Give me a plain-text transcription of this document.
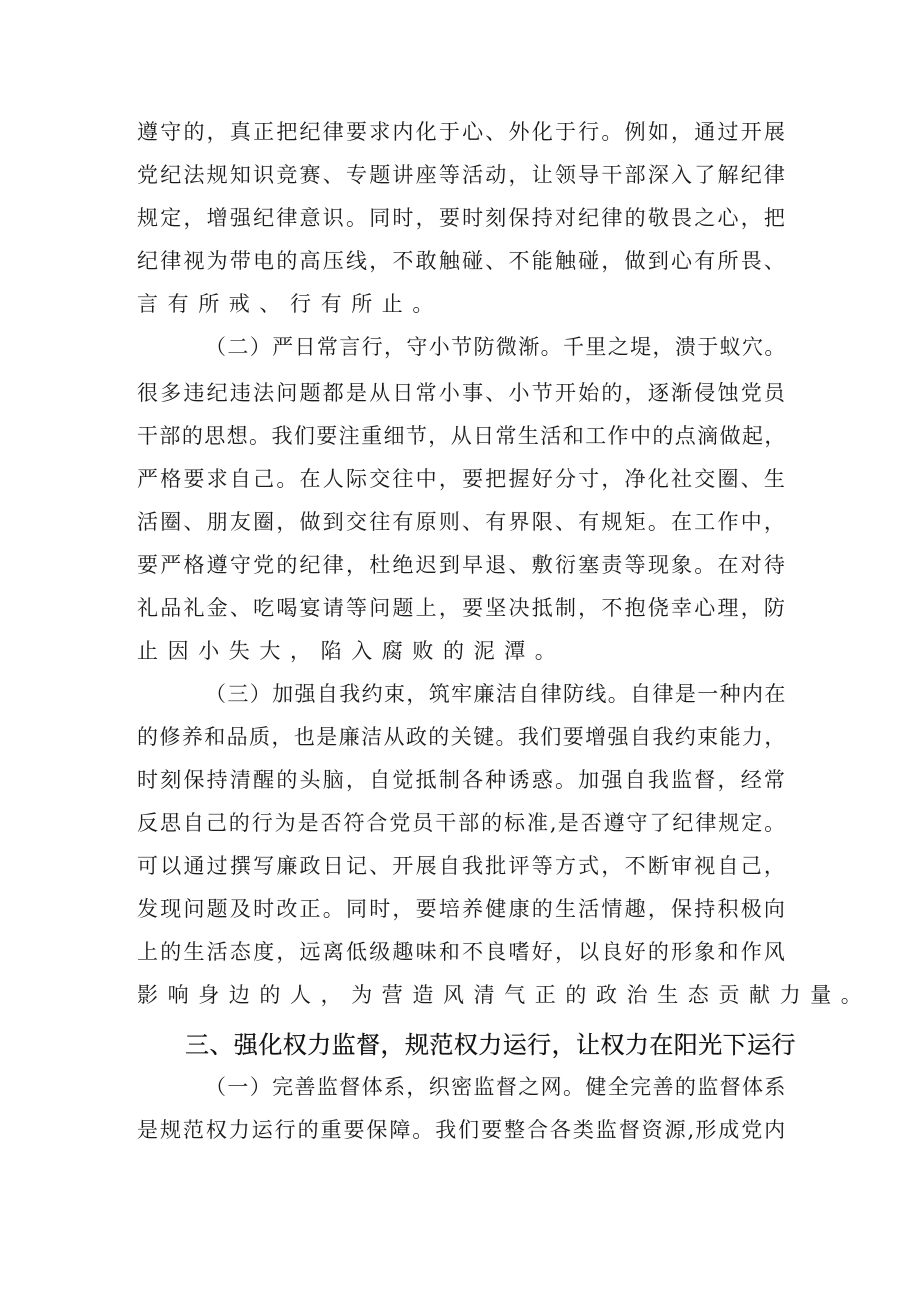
遵 守 的 ， 真 正 把 纪 律 要 求 内 化 于 心 、 外 化 于 行 。 例 如 ， 通 过 开 展
党 纪 法 规 知 识 竞 赛 、 专 题 讲 座 等 活 动 ， 让 领 导 干 部 深 入 了 解 纪 律
规 定 ， 增 强 纪 律 意 识 。 同 时 ， 要 时 刻 保 持 对 纪 律 的 敬 畏 之 心 ， 把
纪 律 视 为 带 电 的 高 压 线 ， 不 敢 触 碰 、 不 能 触 碰 ， 做 到 心 有 所 畏 、
言有所戒、行有所止。
（ 二 ） 严 日 常 言 行 ， 守 小 节 防 微 渐 。 千 里 之 堤 ， 溃 于 蚁 穴 。
很 多 违 纪 违 法 问 题 都 是 从 日 常 小 事 、 小 节 开 始 的 ， 逐 渐 侵 蚀 党 员
干 部 的 思 想 。 我 们 要 注 重 细 节 ， 从 日 常 生 活 和 工 作 中 的 点 滴 做 起 ，
严 格 要 求 自 己 。 在 人 际 交 往 中 ， 要 把 握 好 分 寸 ， 净 化 社 交 圈 、 生
活 圈 、 朋 友 圈 ， 做 到 交 往 有 原 则 、 有 界 限 、 有 规 矩 。 在 工 作 中 ，
要 严 格 遵 守 党 的 纪 律 ， 杜 绝 迟 到 早 退 、 敷 衍 塞 责 等 现 象 。 在 对 待
礼 品 礼 金 、 吃 喝 宴 请 等 问 题 上 ， 要 坚 决 抵 制 ， 不 抱 侥 幸 心 理 ， 防
止因小失大，陷入腐败的泥潭。
（ 三 ） 加 强 自 我 约 束 ， 筑 牢 廉 洁 自 律 防 线 。 自 律 是 一 种 内 在
的 修 养 和 品 质 ， 也 是 廉 洁 从 政 的 关 键 。 我 们 要 增 强 自 我 约 束 能 力 ，
时 刻 保 持 清 醒 的 头 脑 ， 自 觉 抵 制 各 种 诱 惑 。 加 强 自 我 监 督 ， 经 常
反 思 自 己 的 行 为 是 否 符 合 党 员 干 部 的 标 准 , 是 否 遵 守 了 纪 律 规 定 。
可 以 通 过 撰 写 廉 政 日 记 、 开 展 自 我 批 评 等 方 式 ， 不 断 审 视 自 己 ，
发 现 问 题 及 时 改 正 。 同 时 ， 要 培 养 健 康 的 生 活 情 趣 ， 保 持 积 极 向
上 的 生 活 态 度 ， 远 离 低 级 趣 味 和 不 良 嗜 好 ， 以 良 好 的 形 象 和 作 风
影响身边的人，为营造风清气正的政治生态贡献力量。
三 、 强 化 权 力 监 督 ， 规 范 权 力 运 行 ， 让 权 力 在 阳 光 下 运 行
（ 一 ） 完 善 监 督 体 系 ， 织 密 监 督 之 网 。 健 全 完 善 的 监 督 体 系
是 规 范 权 力 运 行 的 重 要 保 障 。 我 们 要 整 合 各 类 监 督 资 源 , 形 成 党 内
